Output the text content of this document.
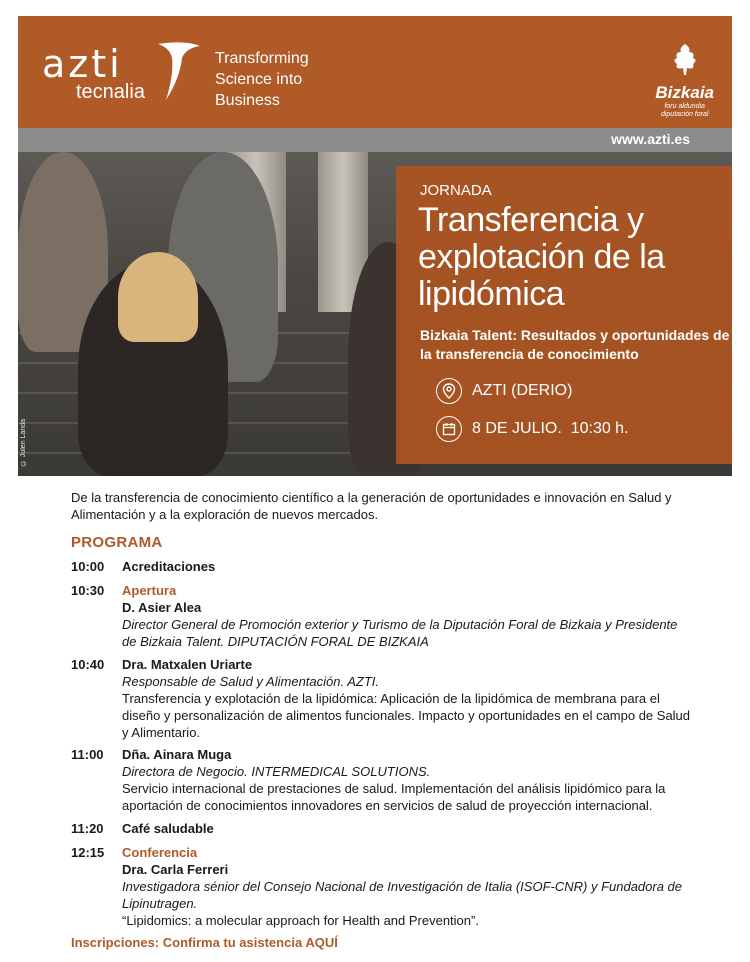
azti
tecnalia
Transforming
Science into
Business	Bizkaia
foru aldundia
diputación foral
www.azti.es
© Julen Landa
JORNADA
Transferencia y explotación de la lipidómica
Bizkaia Talent: Resultados y oportunidades de la transferencia de conocimiento
AZTI (DERIO)
8 DE JULIO.  10:30 h.
De la transferencia de conocimiento científico a la generación de oportunidades e innovación en Salud y Alimentación y a la exploración de nuevos mercados.
PROGRAMA
10:00 Acreditaciones
10:30 Apertura
D. Asier Alea
Director General de Promoción exterior y Turismo de la Diputación Foral de Bizkaia y Presidente de Bizkaia Talent. DIPUTACIÓN FORAL DE BIZKAIA
10:40 Dra. Matxalen Uriarte
Responsable de Salud y Alimentación. AZTI.
Transferencia y explotación de la lipidómica: Aplicación de la lipidómica de membrana para el diseño y personalización de alimentos funcionales. Impacto y oportunidades en el campo de Salud y Alimentario.
11:00 Dña. Ainara Muga
Directora de Negocio. INTERMEDICAL SOLUTIONS.
Servicio internacional de prestaciones de salud. Implementación del análisis lipidómico para la aportación de conocimientos innovadores en servicios de salud de proyección internacional.
11:20 Café saludable
12:15 Conferencia
Dra. Carla Ferreri
Investigadora sénior del Consejo Nacional de Investigación de Italia (ISOF-CNR) y Fundadora de Lipinutragen.
“Lipidomics: a molecular approach for Health and Prevention”.
Inscripciones: Confirma tu asistencia AQUÍ
